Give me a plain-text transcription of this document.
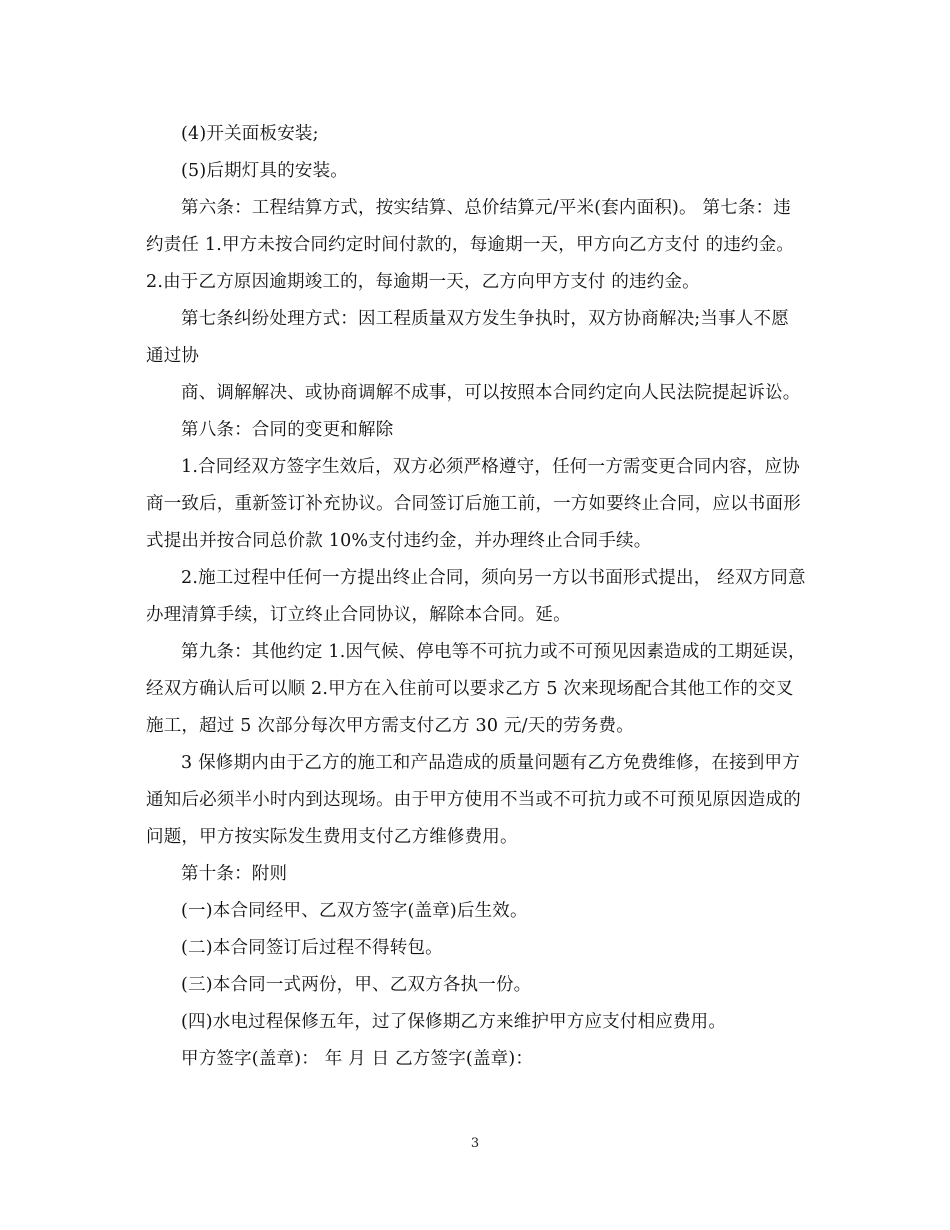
(4)开关面板安装;

(5)后期灯具的安装。

第六条：工程结算方式，按实结算、总价结算元/平米(套内面积)。 第七条：违约责任 1.甲方未按合同约定时间付款的，每逾期一天，甲方向乙方支付 的违约金。 2.由于乙方原因逾期竣工的，每逾期一天，乙方向甲方支付 的违约金。

第七条纠纷处理方式：因工程质量双方发生争执时，双方协商解决;当事人不愿通过协

商、调解解决、或协商调解不成事，可以按照本合同约定向人民法院提起诉讼。

第八条：合同的变更和解除

1.合同经双方签字生效后，双方必须严格遵守，任何一方需变更合同内容，应协商一致后，重新签订补充协议。合同签订后施工前，一方如要终止合同，应以书面形式提出并按合同总价款 10%支付违约金，并办理终止合同手续。

2.施工过程中任何一方提出终止合同，须向另一方以书面形式提出， 经双方同意办理清算手续，订立终止合同协议，解除本合同。延。

第九条：其他约定 1.因气候、停电等不可抗力或不可预见因素造成的工期延误，经双方确认后可以顺 2.甲方在入住前可以要求乙方 5 次来现场配合其他工作的交叉施工，超过 5 次部分每次甲方需支付乙方 30 元/天的劳务费。

3 保修期内由于乙方的施工和产品造成的质量问题有乙方免费维修，在接到甲方通知后必须半小时内到达现场。由于甲方使用不当或不可抗力或不可预见原因造成的问题，甲方按实际发生费用支付乙方维修费用。

第十条：附则

(一)本合同经甲、乙双方签字(盖章)后生效。

(二)本合同签订后过程不得转包。

(三)本合同一式两份，甲、乙双方各执一份。

(四)水电过程保修五年，过了保修期乙方来维护甲方应支付相应费用。

甲方签字(盖章)： 年 月 日 乙方签字(盖章)：

3
